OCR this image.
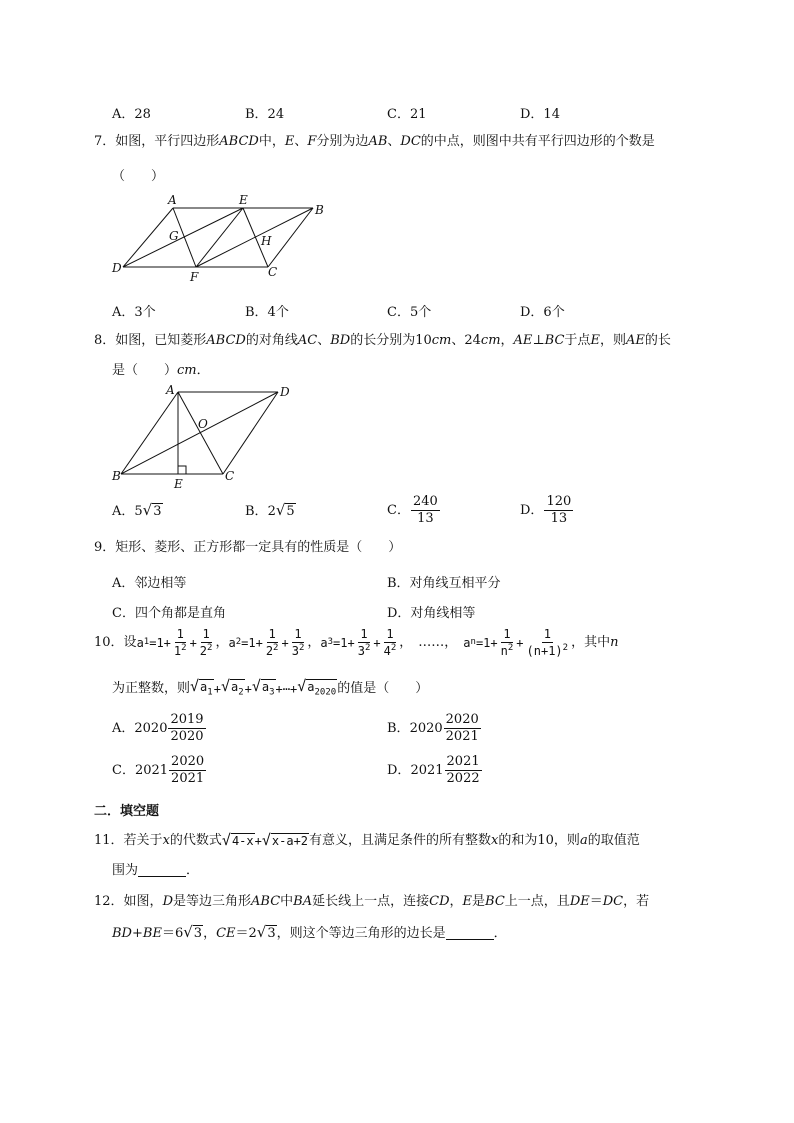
A．28	B．24	C．21	D．14
7． 如图，平行四边形 ABCD 中， E 、 F 分别为边 AB 、 DC 的中点，则图中共有平行四边形的个数是
（　　）
A	E
B
G	H
D
F	C
A．3个	B．4个	C．5个	D．6个
8． 如图，已知菱形 ABCD 的对角线 AC 、 BD 的长分别为10 cm 、24 cm ， AE ⊥ BC 于点 E ，则 AE 的长
是（　　） cm ．
A	D
O
B
E
C
A． 5 √ 3	B． 2 √ 5	C． $\frac{240}{13}$	D． $\frac{120}{13}$
9． 矩形、菱形、正方形都一定具有的性质是（　　）
A．邻边相等	B．对角线互相平分
C．四个角都是直角	D．对角线相等
10． 设 a $1 =1+ \frac{1}{1^2} + \frac{1}{2^2}$ ， a $2 =1+ \frac{1}{2^2} + \frac{1}{3^2}$ ， a $3 =1+ \frac{1}{3^2} + \frac{1}{4^2}$ ， ……， a $n =1+ \frac{1}{n^2} + \frac{1}{(n+1)^2}$ ，其中 n
为正整数，则 √ $a_1$ + √ $a_2$ + √ $a_3$ +⋯+ √ $a_{2020}$ 的值是（　　）
A． $2020 \frac{2019}{2020}$	B． $2020 \frac{2020}{2021}$
C． $2021 \frac{2020}{2021}$	D． $2021 \frac{2021}{2022}$
二．填空题
11． 若关于 x 的代数式 √ 4-x + √ x-a+2 有意义，且满足条件的所有整数 x 的和为10，则 a 的取值范
围为	．
12． 如图， D 是等边三角形 ABC 中 BA 延长线上一点，连接 CD ， E 是 BC 上一点，且 DE ＝ DC ，若
BD + BE ＝6 √ 3 ， CE ＝2 √ 3 ，则这个等边三角形的边长是	．
